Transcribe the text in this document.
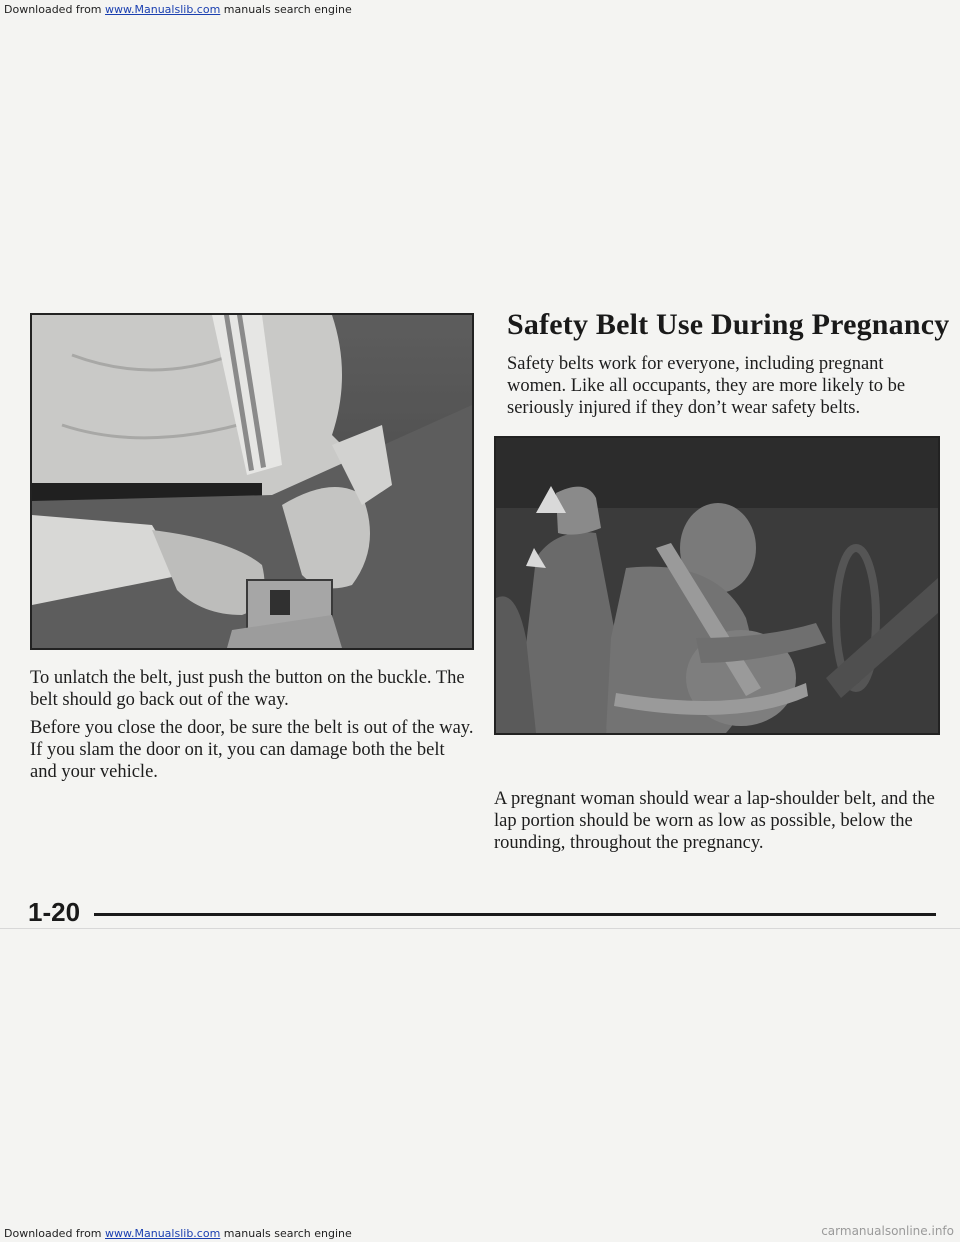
Downloaded from www.Manualslib.com manuals search engine
Safety Belt Use During Pregnancy

Safety belts work for everyone, including pregnant women. Like all occupants, they are more likely to be seriously injured if they don’t wear safety belts.

To unlatch the belt, just push the button on the buckle. The belt should go back out of the way.

Before you close the door, be sure the belt is out of the way. If you slam the door on it, you can damage both the belt and your vehicle.

A pregnant woman should wear a lap-shoulder belt, and the lap portion should be worn as low as possible, below the rounding, throughout the pregnancy.

1-20
Downloaded from www.Manualslib.com manuals search engine	carmanualsonline.info
